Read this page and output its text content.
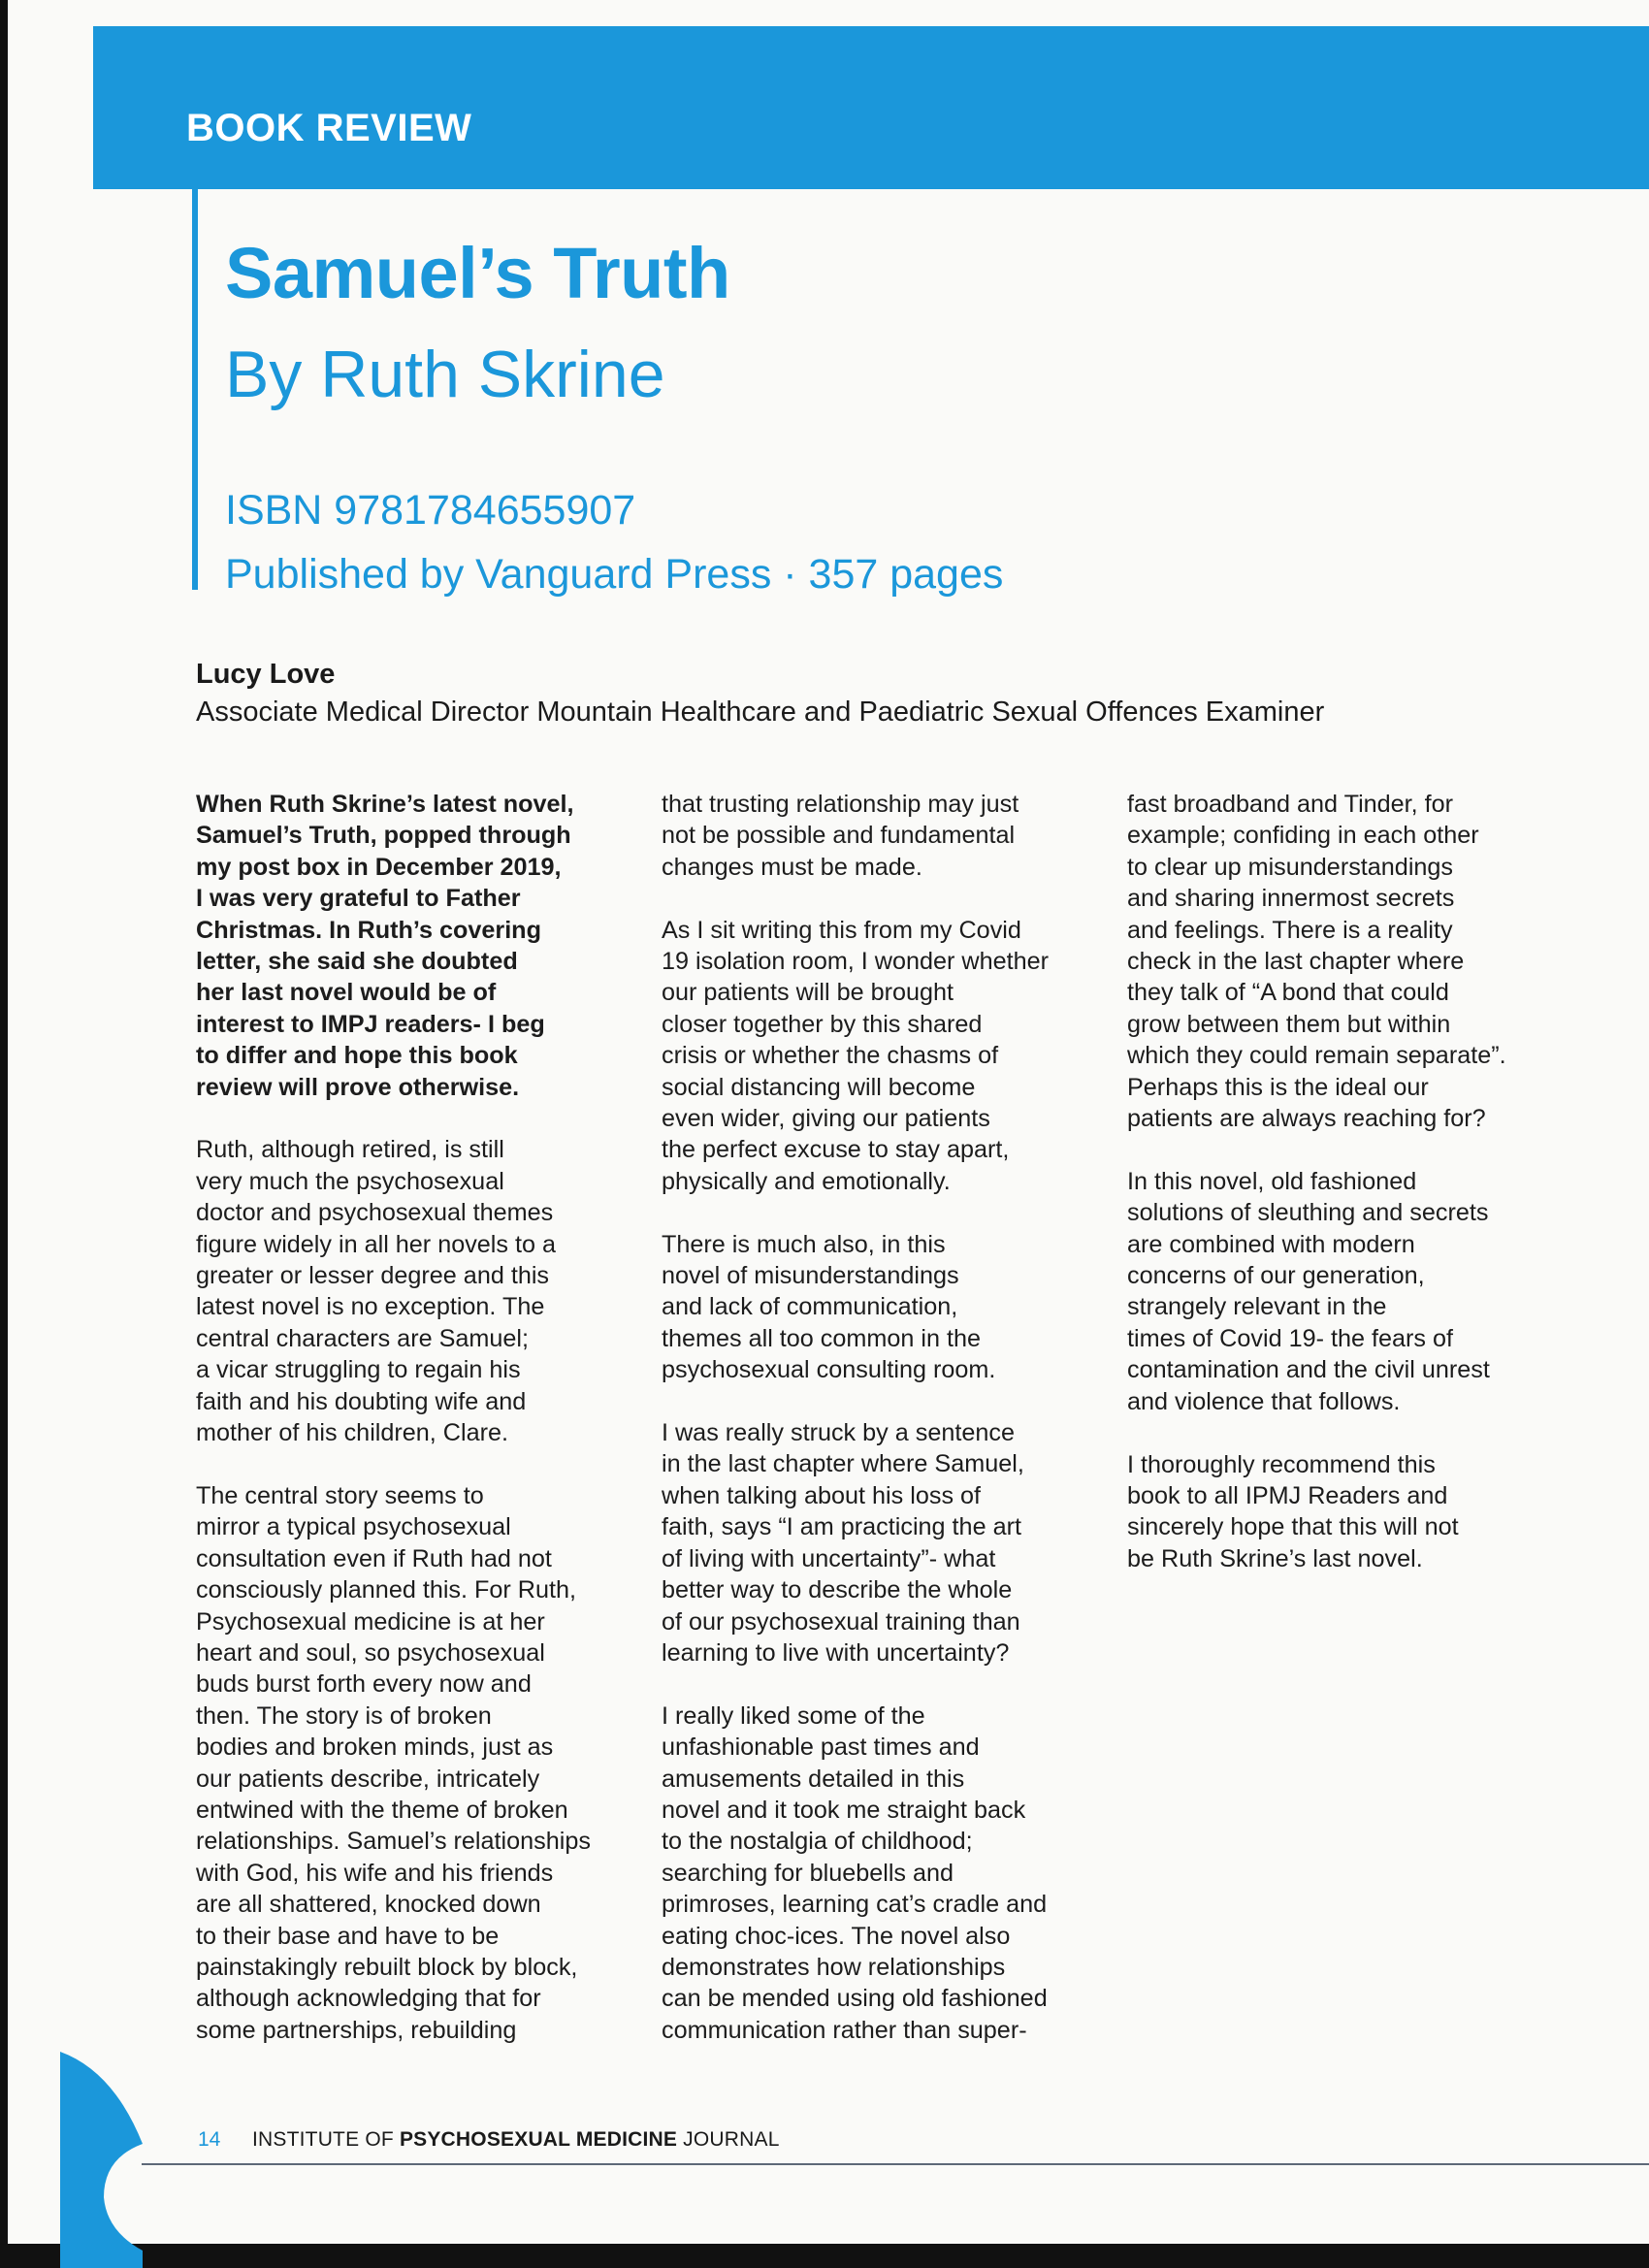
BOOK REVIEW
Samuel’s Truth
By Ruth Skrine
ISBN 9781784655907
Published by Vanguard Press · 357 pages
Lucy Love
Associate Medical Director Mountain Healthcare and Paediatric Sexual Offences Examiner

When Ruth Skrine’s latest novel,
Samuel’s Truth, popped through
my post box in December 2019,
I was very grateful to Father
Christmas. In Ruth’s covering
letter, she said she doubted
her last novel would be of
interest to IMPJ readers- I beg
to differ and hope this book
review will prove otherwise.

Ruth, although retired, is still
very much the psychosexual
doctor and psychosexual themes
figure widely in all her novels to a
greater or lesser degree and this
latest novel is no exception. The
central characters are Samuel;
a vicar struggling to regain his
faith and his doubting wife and
mother of his children, Clare.

The central story seems to
mirror a typical psychosexual
consultation even if Ruth had not
consciously planned this. For Ruth,
Psychosexual medicine is at her
heart and soul, so psychosexual
buds burst forth every now and
then. The story is of broken
bodies and broken minds, just as
our patients describe, intricately
entwined with the theme of broken
relationships. Samuel’s relationships
with God, his wife and his friends
are all shattered, knocked down
to their base and have to be
painstakingly rebuilt block by block,
although acknowledging that for
some partnerships, rebuilding

that trusting relationship may just
not be possible and fundamental
changes must be made.

As I sit writing this from my Covid
19 isolation room, I wonder whether
our patients will be brought
closer together by this shared
crisis or whether the chasms of
social distancing will become
even wider, giving our patients
the perfect excuse to stay apart,
physically and emotionally.

There is much also, in this
novel of misunderstandings
and lack of communication,
themes all too common in the
psychosexual consulting room.

I was really struck by a sentence
in the last chapter where Samuel,
when talking about his loss of
faith, says “I am practicing the art
of living with uncertainty”- what
better way to describe the whole
of our psychosexual training than
learning to live with uncertainty?

I really liked some of the
unfashionable past times and
amusements detailed in this
novel and it took me straight back
to the nostalgia of childhood;
searching for bluebells and
primroses, learning cat’s cradle and
eating choc-ices. The novel also
demonstrates how relationships
can be mended using old fashioned
communication rather than super-

fast broadband and Tinder, for
example; confiding in each other
to clear up misunderstandings
and sharing innermost secrets
and feelings. There is a reality
check in the last chapter where
they talk of “A bond that could
grow between them but within
which they could remain separate”.
Perhaps this is the ideal our
patients are always reaching for?

In this novel, old fashioned
solutions of sleuthing and secrets
are combined with modern
concerns of our generation,
strangely relevant in the
times of Covid 19- the fears of
contamination and the civil unrest
and violence that follows.

I thoroughly recommend this
book to all IPMJ Readers and
sincerely hope that this will not
be Ruth Skrine’s last novel.

14 INSTITUTE OF PSYCHOSEXUAL MEDICINE JOURNAL
